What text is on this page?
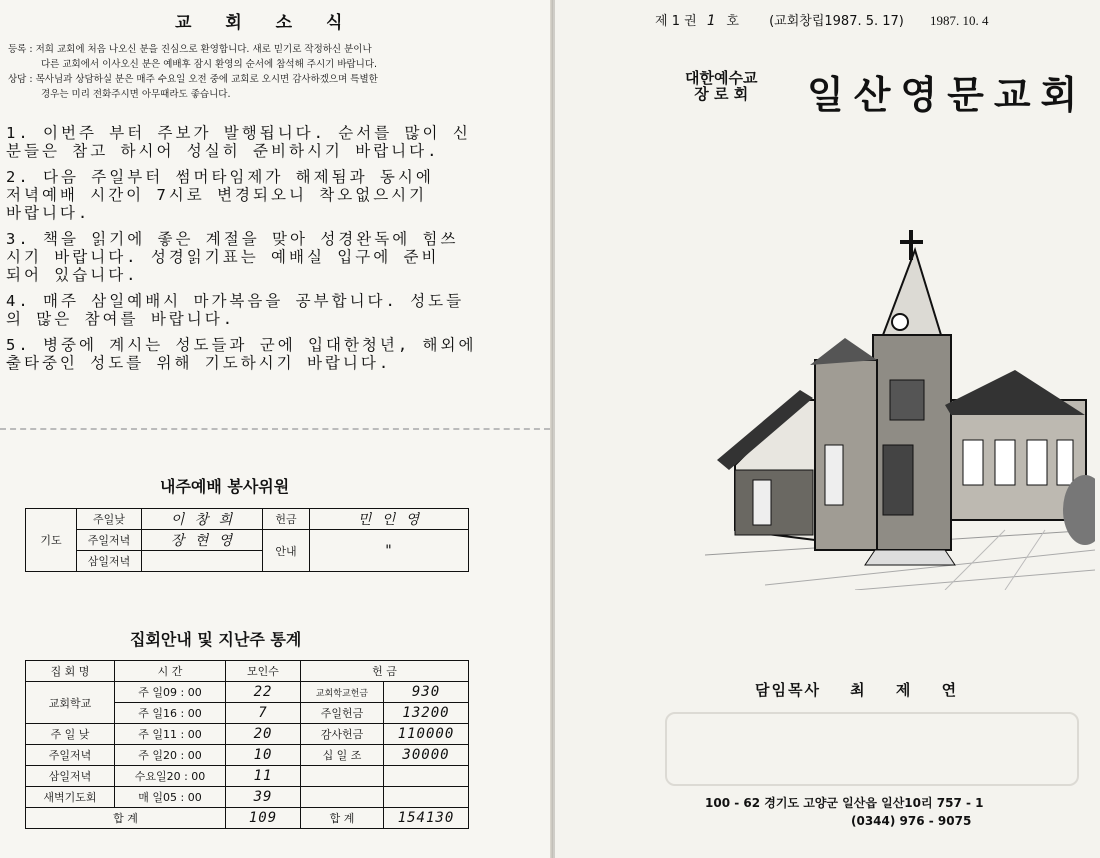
교 회 소 식
등록 : 저희 교회에 처음 나오신 분을 진심으로 환영합니다. 새로 믿기로 작정하신 분이나
다른 교회에서 이사오신 분은 예배후 잠시 환영의 순서에 참석해 주시기 바랍니다.
상담 : 목사님과 상담하실 분은 매주 수요일 오전 중에 교회로 오시면 감사하겠으며 특별한
경우는 미리 전화주시면 아무때라도 좋습니다.

1. 이번주 부터 주보가 발행됩니다. 순서를 많이 신
분들은 참고 하시어 성실히 준비하시기 바랍니다.

2. 다음 주일부터 썸머타임제가 해제됨과 동시에
저녁예배 시간이 7시로 변경되오니 착오없으시기
바랍니다.

3. 책을 읽기에 좋은 계절을 맞아 성경완독에 힘쓰
시기 바랍니다. 성경읽기표는 예배실 입구에 준비
되어 있습니다.

4. 매주 삼일예배시 마가복음을 공부합니다. 성도들
의 많은 참여를 바랍니다.

5. 병중에 계시는 성도들과 군에 입대한청년, 해외에
출타중인 성도를 위해 기도하시기 바랍니다.

내주예배 봉사위원
기도	주일낮	이 창 희	헌금	민 인 영
	주일저녁	장 현 영	안내	"
	삼일저녁			
집회안내 및 지난주 통계
집 회 명	시 간	모인수	헌 금	
교회학교	주 일09 : 00	22	교회학교헌금	930
	주 일16 : 00	7	주일헌금	13200
주 일 낮	주 일11 : 00	20	감사헌금	110000
주일저녁	주 일20 : 00	10	십 일 조	30000
삼일저녁	수요일20 : 00	11		
새벽기도회	매 일05 : 00	39		
합 계		109	합 계	154130
제 1 권 1 호 (교회창립1987. 5. 17) 1987. 10. 4
대한예수교
장 로 회 일산영문교회
담임목사 최 제 연
100 - 62 경기도 고양군 일산읍 일산10리 757 - 1
(0344) 976 - 9075
